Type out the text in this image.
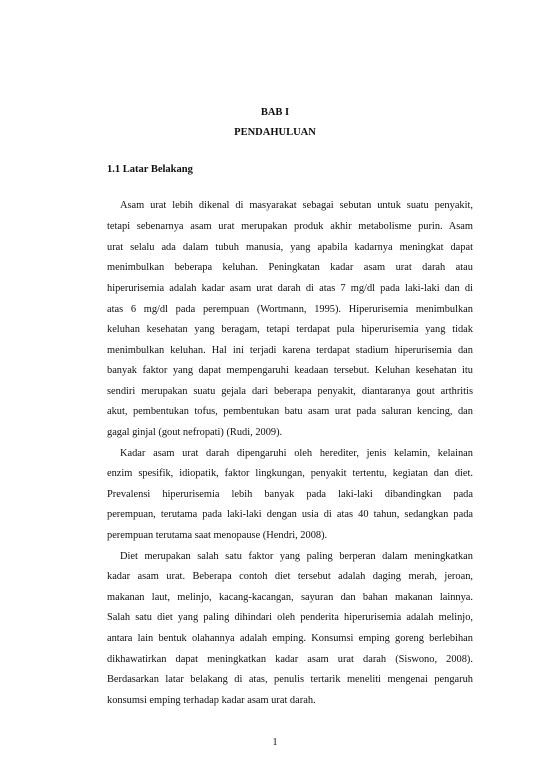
BAB I
PENDAHULUAN
1.1 Latar Belakang
Asam urat lebih dikenal di masyarakat sebagai sebutan untuk suatu penyakit,
tetapi sebenarnya asam urat merupakan produk akhir metabolisme purin. Asam
urat selalu ada dalam tubuh manusia, yang apabila kadarnya meningkat dapat
menimbulkan beberapa keluhan. Peningkatan kadar asam urat darah atau
hiperurisemia adalah kadar asam urat darah di atas 7 mg/dl pada laki-laki dan di
atas 6 mg/dl pada perempuan (Wortmann, 1995). Hiperurisemia menimbulkan
keluhan kesehatan yang beragam, tetapi terdapat pula hiperurisemia yang tidak
menimbulkan keluhan. Hal ini terjadi karena terdapat stadium hiperurisemia dan
banyak faktor yang dapat mempengaruhi keadaan tersebut. Keluhan kesehatan itu
sendiri merupakan suatu gejala dari beberapa penyakit, diantaranya gout arthritis
akut, pembentukan tofus, pembentukan batu asam urat pada saluran kencing, dan
gagal ginjal (gout nefropati) (Rudi, 2009).
Kadar asam urat darah dipengaruhi oleh herediter, jenis kelamin, kelainan
enzim spesifik, idiopatik, faktor lingkungan, penyakit tertentu, kegiatan dan diet.
Prevalensi hiperurisemia lebih banyak pada laki-laki dibandingkan pada
perempuan, terutama pada laki-laki dengan usia di atas 40 tahun, sedangkan pada
perempuan terutama saat menopause (Hendri, 2008).
Diet merupakan salah satu faktor yang paling berperan dalam meningkatkan
kadar asam urat. Beberapa contoh diet tersebut adalah daging merah, jeroan,
makanan laut, melinjo, kacang-kacangan, sayuran dan bahan makanan lainnya.
Salah satu diet yang paling dihindari oleh penderita hiperurisemia adalah melinjo,
antara lain bentuk olahannya adalah emping. Konsumsi emping goreng berlebihan
dikhawatirkan dapat meningkatkan kadar asam urat darah (Siswono, 2008).
Berdasarkan latar belakang di atas, penulis tertarik meneliti mengenai pengaruh
konsumsi emping terhadap kadar asam urat darah.
1
